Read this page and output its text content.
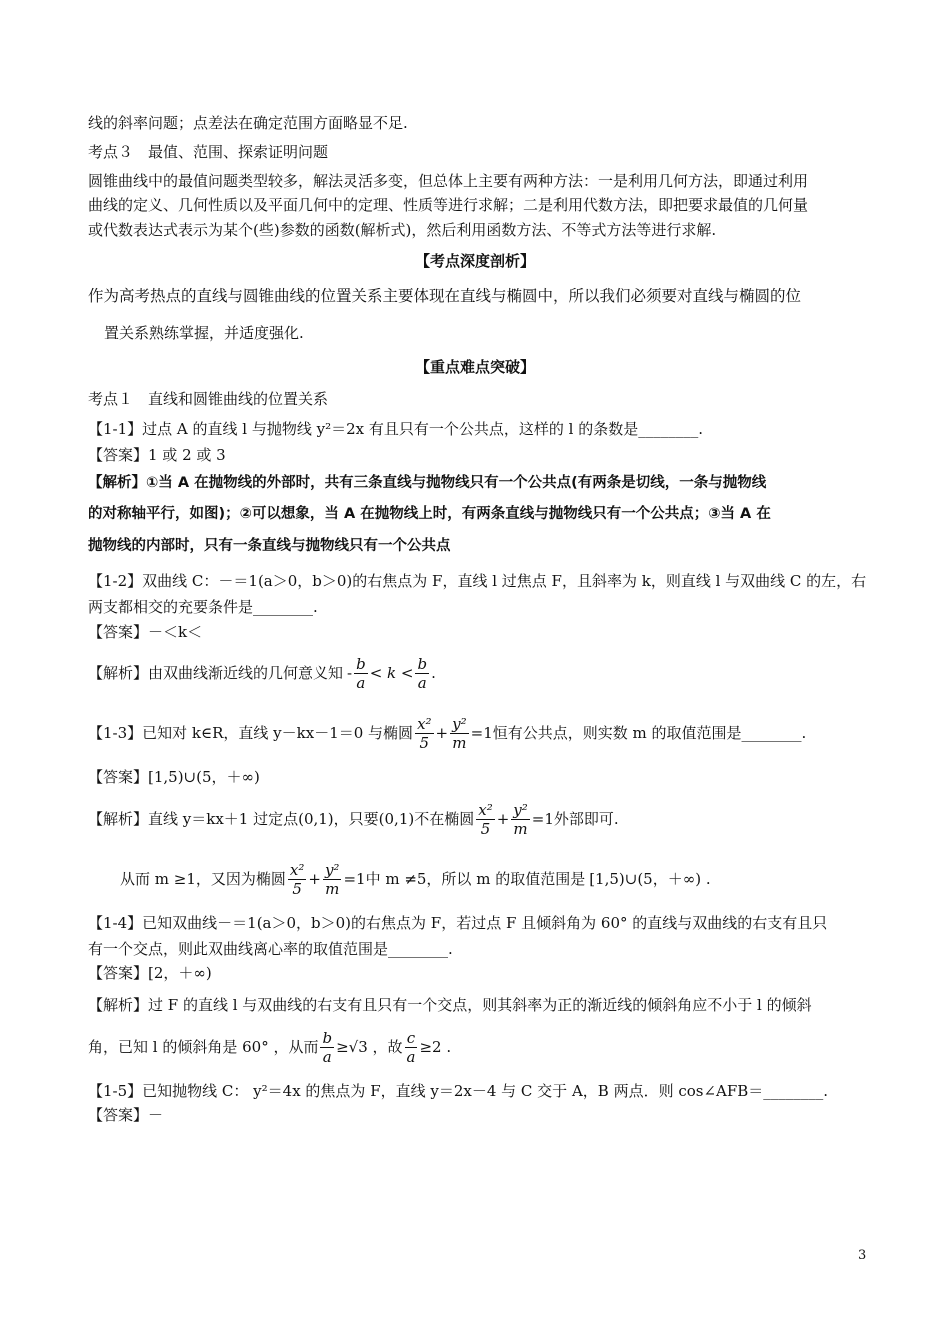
线的斜率问题；点差法在确定范围方面略显不足.
考点３　最值、范围、探索证明问题
圆锥曲线中的最值问题类型较多，解法灵活多变，但总体上主要有两种方法：一是利用几何方法，即通过利用
曲线的定义、几何性质以及平面几何中的定理、性质等进行求解；二是利用代数方法，即把要求最值的几何量
或代数表达式表示为某个(些)参数的函数(解析式)，然后利用函数方法、不等式方法等进行求解.
【考点深度剖析】
作为高考热点的直线与圆锥曲线的位置关系主要体现在直线与椭圆中，所以我们必须要对直线与椭圆的位
置关系熟练掌握，并适度强化.
【重点难点突破】
考点１　直线和圆锥曲线的位置关系
【1-1】过点 A 的直线 l 与抛物线 y²＝2x 有且只有一个公共点，这样的 l 的条数是________.
【答案】1 或 2 或 3
【解析】①当 A 在抛物线的外部时，共有三条直线与抛物线只有一个公共点(有两条是切线，一条与抛物线
的对称轴平行，如图)；②可以想象，当 A 在抛物线上时，有两条直线与抛物线只有一个公共点；③当 A 在
抛物线的内部时，只有一条直线与抛物线只有一个公共点
【1-2】双曲线 C：－＝1(a＞0，b＞0)的右焦点为 F，直线 l 过焦点 F，且斜率为 k，则直线 l 与双曲线 C 的左，右
两支都相交的充要条件是________.
【答案】－＜k＜
【解析】由双曲线渐近线的几何意义知 - $\frac{b}{a} < k < \frac{b}{a}$ .
【1-3】已知对 k∈R，直线 y－kx－1＝0 与椭圆 $\frac{\text{x²}}{5} + \frac{\text{y²}}{m} =1$ 恒有公共点，则实数 m 的取值范围是________.
【答案】[1,5)∪(5，＋∞)
【解析】直线 y＝kx＋1 过定点(0,1)，只要(0,1)不在椭圆 $\frac{\text{x²}}{5} + \frac{\text{y²}}{m} =1$ 外部即可.
从而 m ≥1，又因为椭圆 $\frac{\text{x²}}{5} + \frac{\text{y²}}{m} =1$ 中 m ≠5，所以 m 的取值范围是 [1,5)∪(5，＋∞) .
【1-4】已知双曲线－＝1(a＞0，b＞0)的右焦点为 F，若过点 F 且倾斜角为 60° 的直线与双曲线的右支有且只
有一个交点，则此双曲线离心率的取值范围是________.
【答案】[2，＋∞)
【解析】过 F 的直线 l 与双曲线的右支有且只有一个交点，则其斜率为正的渐近线的倾斜角应不小于 l 的倾斜
角，已知 l 的倾斜角是 60° ，从而 $\frac{b}{a} \ge√3$ ，故 $\frac{c}{a} \ge 2$ .
【1-5】已知抛物线 C： y²＝4x 的焦点为 F，直线 y＝2x－4 与 C 交于 A，B 两点．则 cos∠AFB＝________.
【答案】－
3
